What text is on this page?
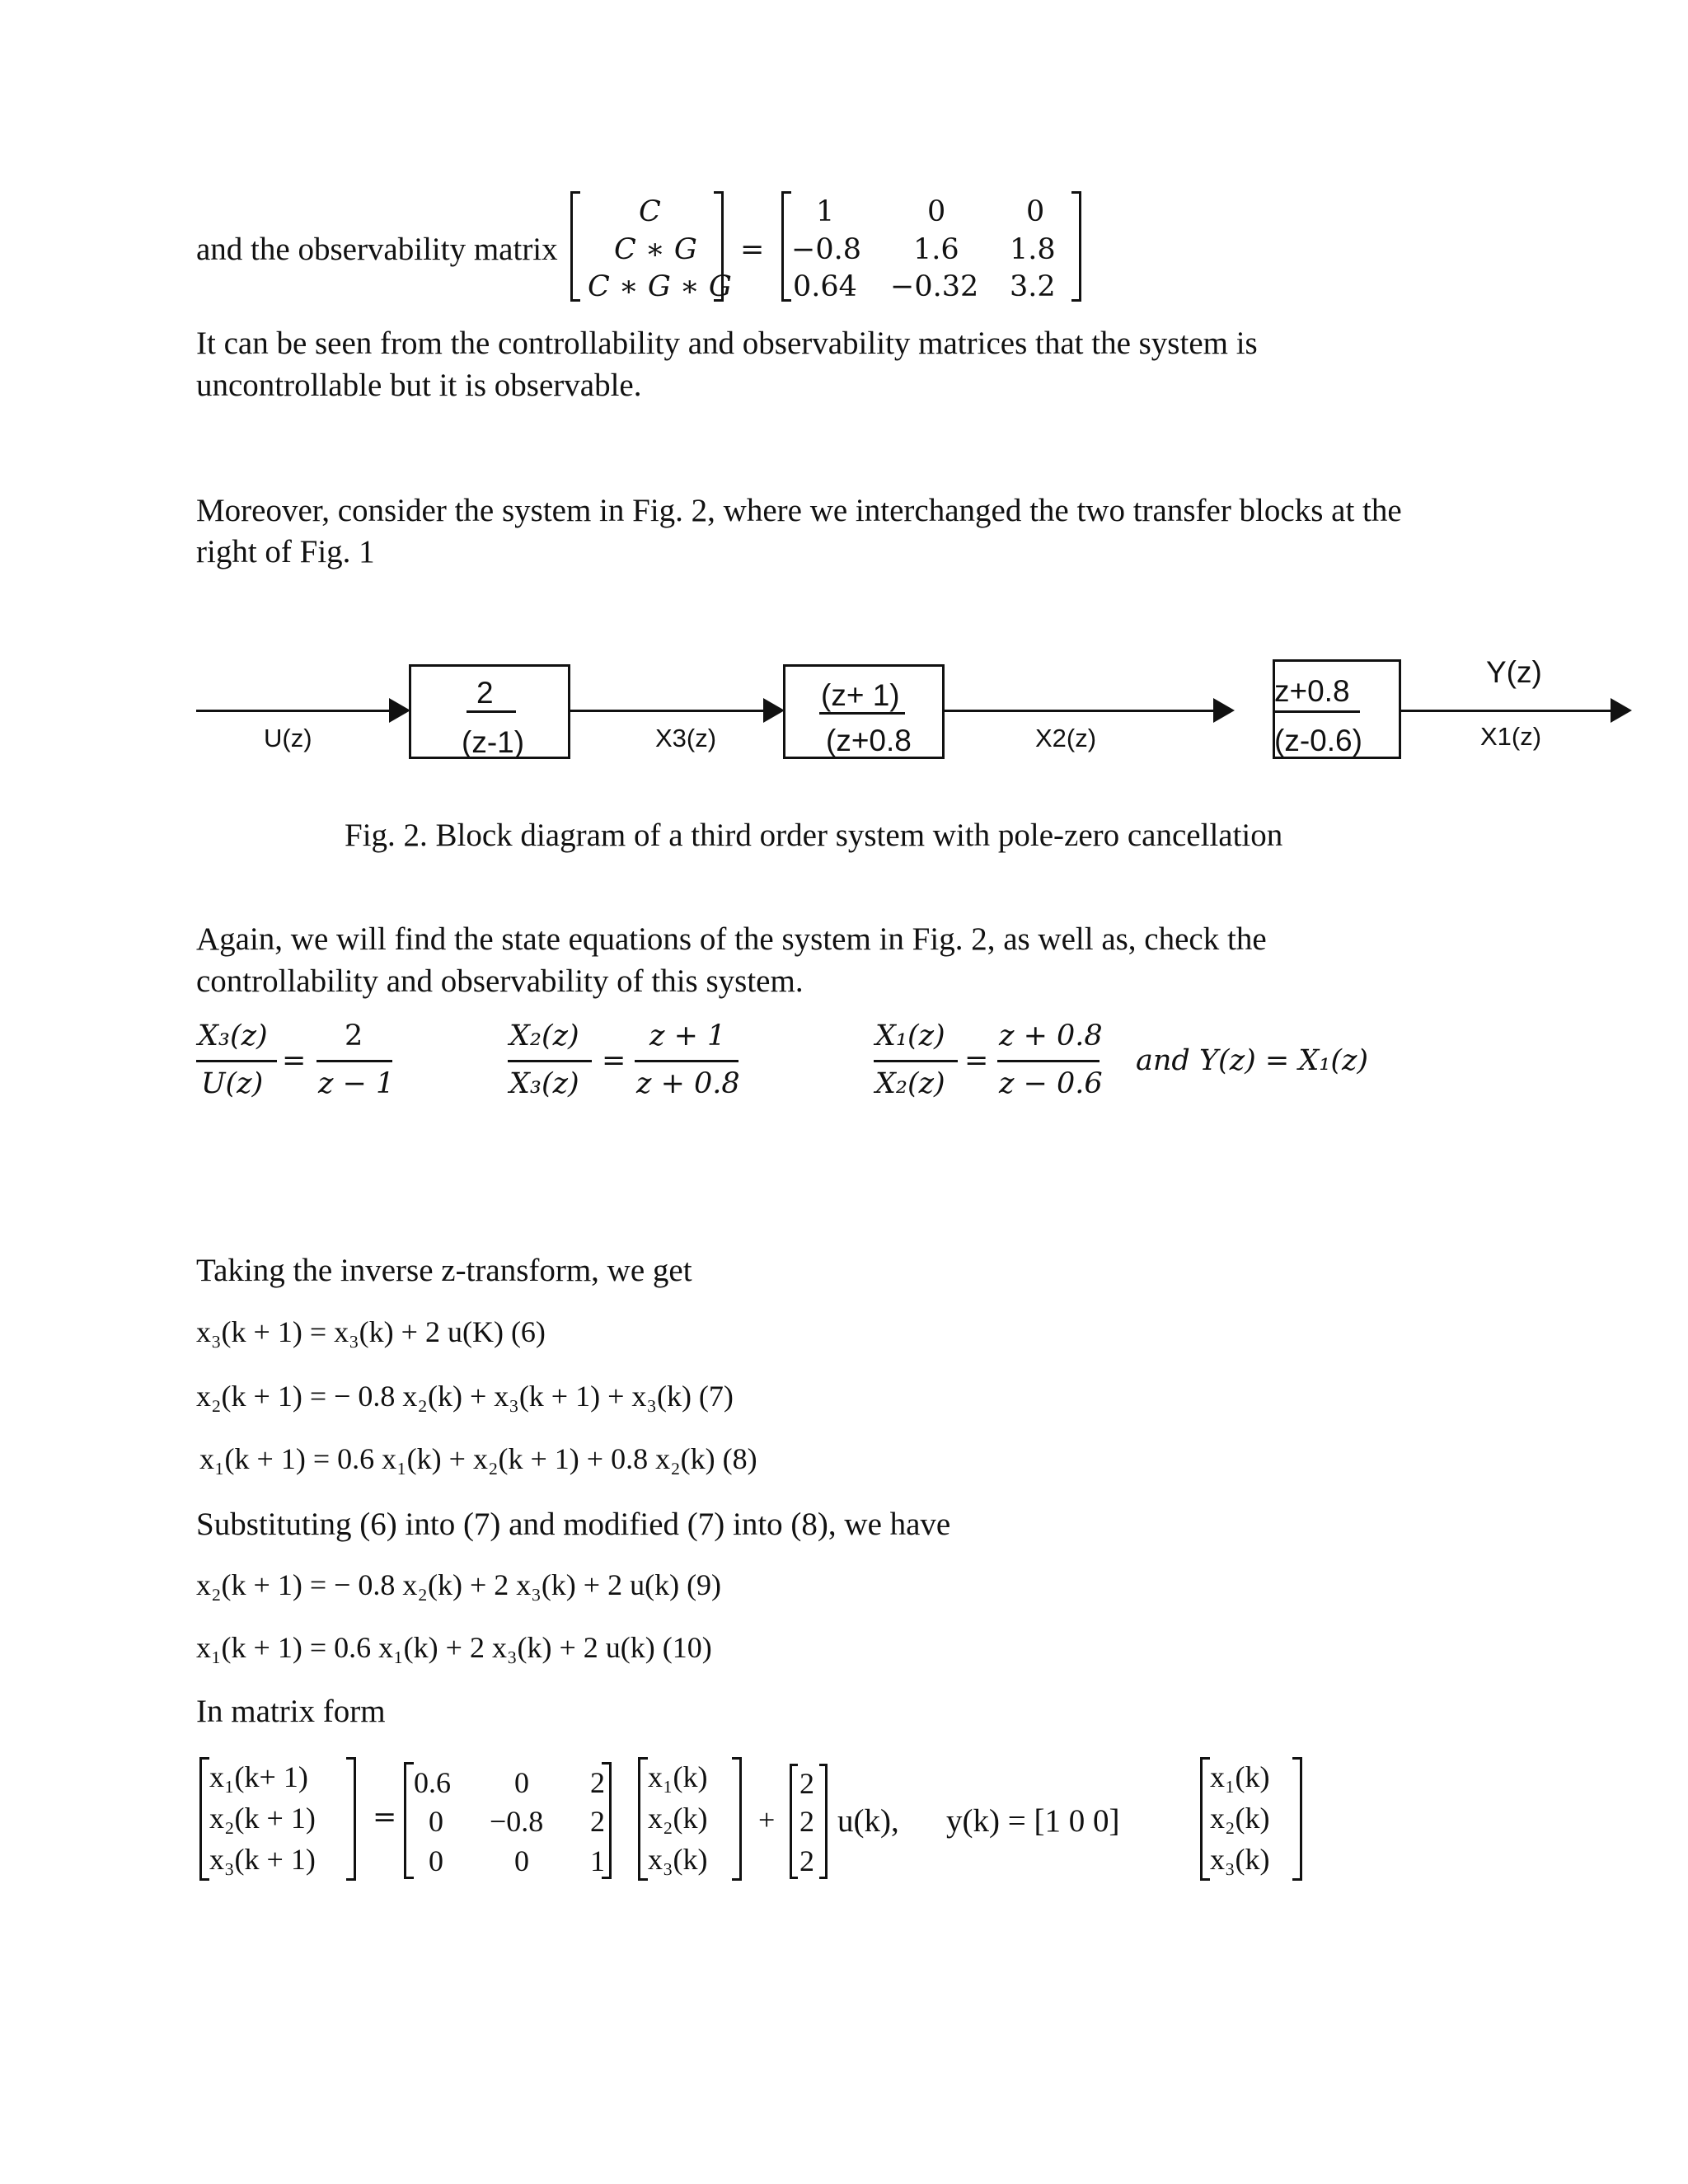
and the observability matrix
C
C ∗ G
C ∗ G ∗ G
=
1	0	0
−0.8 1.6 1.8
0.64 −0.32 3.2
It can be seen from the controllability and observability matrices that the system is
uncontrollable but it is observable.
Moreover, consider the system in Fig. 2, where we interchanged the two transfer blocks at the
right of Fig. 1
U(z)
2
(z-1)	X3(z)
(z+ 1)
(z+0.8	X2(z)
z+0.8
(z-0.6)
Y(z)
X1(z)
Fig. 2. Block diagram of a third order system with pole-zero cancellation
Again, we will find the state equations of the system in Fig. 2, as well as, check the
controllability and observability of this system.
X₃(z)
U(z)
=
2
z − 1
X₂(z)
X₃(z)
=
z + 1
z + 0.8
X₁(z)
X₂(z)
=
z + 0.8
z − 0.6
and Y(z) = X₁(z)
Taking the inverse z-transform, we get
x₃(k + 1) = x₃(k) + 2 u(K) (6)
x₂(k + 1) = − 0.8 x₂(k) + x₃(k + 1) + x₃(k) (7)
x₁(k + 1) = 0.6 x₁(k) + x₂(k + 1) + 0.8 x₂(k) (8)
Substituting (6) into (7) and modified (7) into (8), we have
x₂(k + 1) = − 0.8 x₂(k) + 2 x₃(k) + 2 u(k) (9)
x₁(k + 1) = 0.6 x₁(k) + 2 x₃(k) + 2 u(k) (10)
In matrix form
x₁(k+ 1)
x₂(k + 1)
x₃(k + 1)
=
0.6 0 2
0 −0.8 2
0 0 1
x₁(k)
x₂(k)
x₃(k)
+
2
2
2
u(k), y(k) = [1 0 0]
x₁(k)
x₂(k)
x₃(k)
